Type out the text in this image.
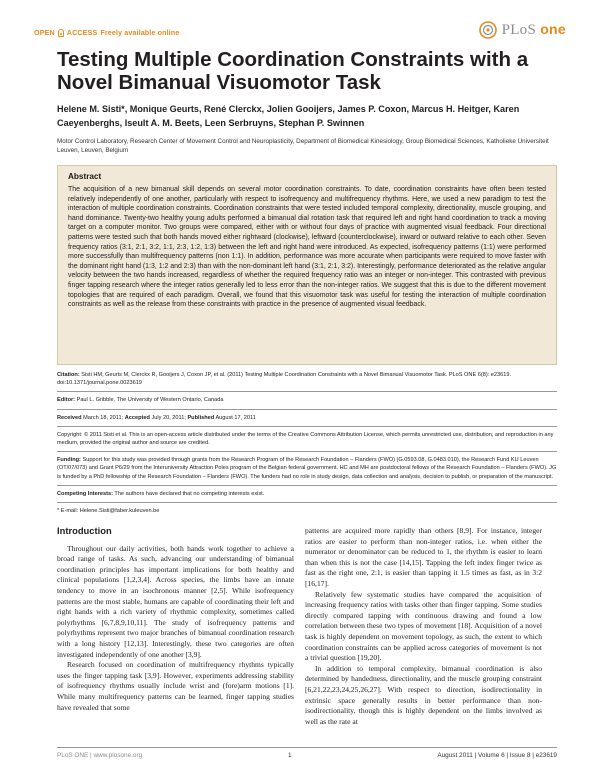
OPEN ACCESS Freely available online	PLoS one
Testing Multiple Coordination Constraints with a Novel Bimanual Visuomotor Task
Helene M. Sisti*, Monique Geurts, René Clerckx, Jolien Gooijers, James P. Coxon, Marcus H. Heitger, Karen Caeyenberghs, Iseult A. M. Beets, Leen Serbruyns, Stephan P. Swinnen
Motor Control Laboratory, Research Center of Movement Control and Neuroplasticity, Department of Biomedical Kinesiology, Group Biomedical Sciences, Katholieke Universiteit Leuven, Leuven, Belgium
Abstract

The acquisition of a new bimanual skill depends on several motor coordination constraints. To date, coordination constraints have often been tested relatively independently of one another, particularly with respect to isofrequency and multifrequency rhythms. Here, we used a new paradigm to test the interaction of multiple coordination constraints. Coordination constraints that were tested included temporal complexity, directionality, muscle grouping, and hand dominance. Twenty-two healthy young adults performed a bimanual dial rotation task that required left and right hand coordination to track a moving target on a computer monitor. Two groups were compared, either with or without four days of practice with augmented visual feedback. Four directional patterns were tested such that both hands moved either rightward (clockwise), leftward (counterclockwise), inward or outward relative to each other. Seven frequency ratios (3:1, 2:1, 3:2, 1:1, 2:3, 1:2, 1:3) between the left and right hand were introduced. As expected, isofrequency patterns (1:1) were performed more successfully than multifrequency patterns (non 1:1). In addition, performance was more accurate when participants were required to move faster with the dominant right hand (1:3, 1:2 and 2:3) than with the non-dominant left hand (3:1, 2:1, 3:2). Interestingly, performance deteriorated as the relative angular velocity between the two hands increased, regardless of whether the required frequency ratio was an integer or non-integer. This contrasted with previous finger tapping research where the integer ratios generally led to less error than the non-integer ratios. We suggest that this is due to the different movement topologies that are required of each paradigm. Overall, we found that this visuomotor task was useful for testing the interaction of multiple coordination constraints as well as the release from these constraints with practice in the presence of augmented visual feedback.

Citation: Sisti HM, Geurts M, Clerckx R, Gooijers J, Coxon JP, et al. (2011) Testing Multiple Coordination Constraints with a Novel Bimanual Visuomotor Task. PLoS ONE 6(8): e23619. doi:10.1371/journal.pone.0023619

Editor: Paul L. Gribble, The University of Western Ontario, Canada

Received March 18, 2011; Accepted July 20, 2011; Published August 17, 2011

Copyright: © 2011 Sisti et al. This is an open-access article distributed under the terms of the Creative Commons Attribution License, which permits unrestricted use, distribution, and reproduction in any medium, provided the original author and source are credited.

Funding: Support for this study was provided through grants from the Research Program of the Research Foundation – Flanders (FWO) (G.0593.08, G.0483.010), the Research Fund KU Leuven (OT/07/073) and Grant P6/29 from the Interuniversity Attraction Poles program of the Belgian federal government. HC and MH are postdoctoral fellows of the Research Foundation – Flanders (FWO). JG is funded by a PhD fellowship of the Research Foundation – Flanders (FWO). The funders had no role in study design, data collection and analysis, decision to publish, or preparation of the manuscript.

Competing Interests: The authors have declared that no competing interests exist.

* E-mail: Helene.Sisti@faber.kuleuven.be

Introduction

Throughout our daily activities, both hands work together to achieve a broad range of tasks. As such, advancing our understanding of bimanual coordination principles has important implications for both healthy and clinical populations [1,2,3,4]. Across species, the limbs have an innate tendency to move in an isochronous manner [2,5]. While isofrequency patterns are the most stable, humans are capable of coordinating their left and right hands with a rich variety of rhythmic complexity, sometimes called polyrhythms [6,7,8,9,10,11]. The study of isofrequency patterns and polyrhythms represent two major branches of bimanual coordination research with a long history [12,13]. Interestingly, these two categories are often investigated independently of one another [3,9].

Research focused on coordination of multifrequency rhythms typically uses the finger tapping task [3,9]. However, experiments addressing stability of isofrequency rhythms usually include wrist and (fore)arm motions [1]. While many multifrequency patterns can be learned, finger tapping studies have revealed that some

patterns are acquired more rapidly than others [8,9]. For instance, integer ratios are easier to perform than non-integer ratios, i.e. when either the numerator or denominator can be reduced to 1, the rhythm is easier to learn than when this is not the case [14,15]. Tapping the left index finger twice as fast as the right one, 2:1, is easier than tapping it 1.5 times as fast, as in 3:2 [16,17].

Relatively few systematic studies have compared the acquisition of increasing frequency ratios with tasks other than finger tapping. Some studies directly compared tapping with continuous drawing and found a low correlation between these two types of movement [18]. Acquisition of a novel task is highly dependent on movement topology, as such, the extent to which coordination constraints can be applied across categories of movement is not a trivial question [19,20].

In addition to temporal complexity, bimanual coordination is also determined by handedness, directionality, and the muscle grouping constraint [6,21,22,23,24,25,26,27]. With respect to direction, isodirectionality in extrinsic space generally results in better performance than non-isodirectionality, though this is highly dependent on the limbs involved as well as the rate at

PLoS ONE | www.plosone.org	1	August 2011 | Volume 6 | Issue 8 | e23619
